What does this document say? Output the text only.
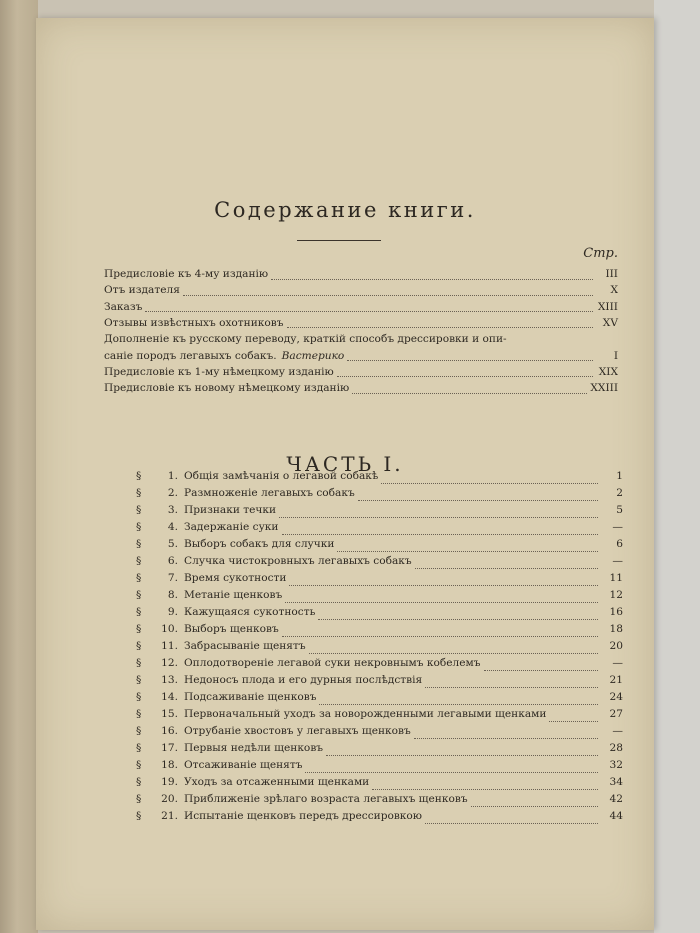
Содержание книги.
Стр.
Предисловіе къ 4-му изданію	III
Отъ издателя	X
Заказъ	XIII
Отзывы извѣстныхъ охотниковъ	XV
Дополненіе къ русскому переводу, краткій способъ дрессировки и опи-
саніе породъ легавыхъ собакъ. Вастерико	I
Предисловіе къ 1-му нѣмецкому изданію	XIX
Предисловіе къ новому нѣмецкому изданію	XXIII
ЧАСТЬ I.
§	1. Общія замѣчанія о легавой собакѣ	1
§	2. Размноженіе легавыхъ собакъ	2
§	3. Признаки течки	5
§	4. Задержаніе суки	—
§	5. Выборъ собакъ для случки	6
§	6. Случка чистокровныхъ легавыхъ собакъ	—
§	7. Время сукотности	11
§	8. Метаніе щенковъ	12
§	9. Кажущаяся сукотность	16
§	10. Выборъ щенковъ	18
§	11. Забрасываніе щенятъ	20
§	12. Оплодотвореніе легавой суки некровнымъ кобелемъ	—
§	13. Недоносъ плода и его дурныя послѣдствія	21
§	14. Подсаживаніе щенковъ	24
§	15. Первоначальный уходъ за новорожденными легавыми щенками	27
§	16. Отрубаніе хвостовъ у легавыхъ щенковъ	—
§	17. Первыя недѣли щенковъ	28
§	18. Отсаживаніе щенятъ	32
§	19. Уходъ за отсаженными щенками	34
§	20. Приближеніе зрѣлаго возраста легавыхъ щенковъ	42
§	21. Испытаніе щенковъ передъ дрессировкою	44
